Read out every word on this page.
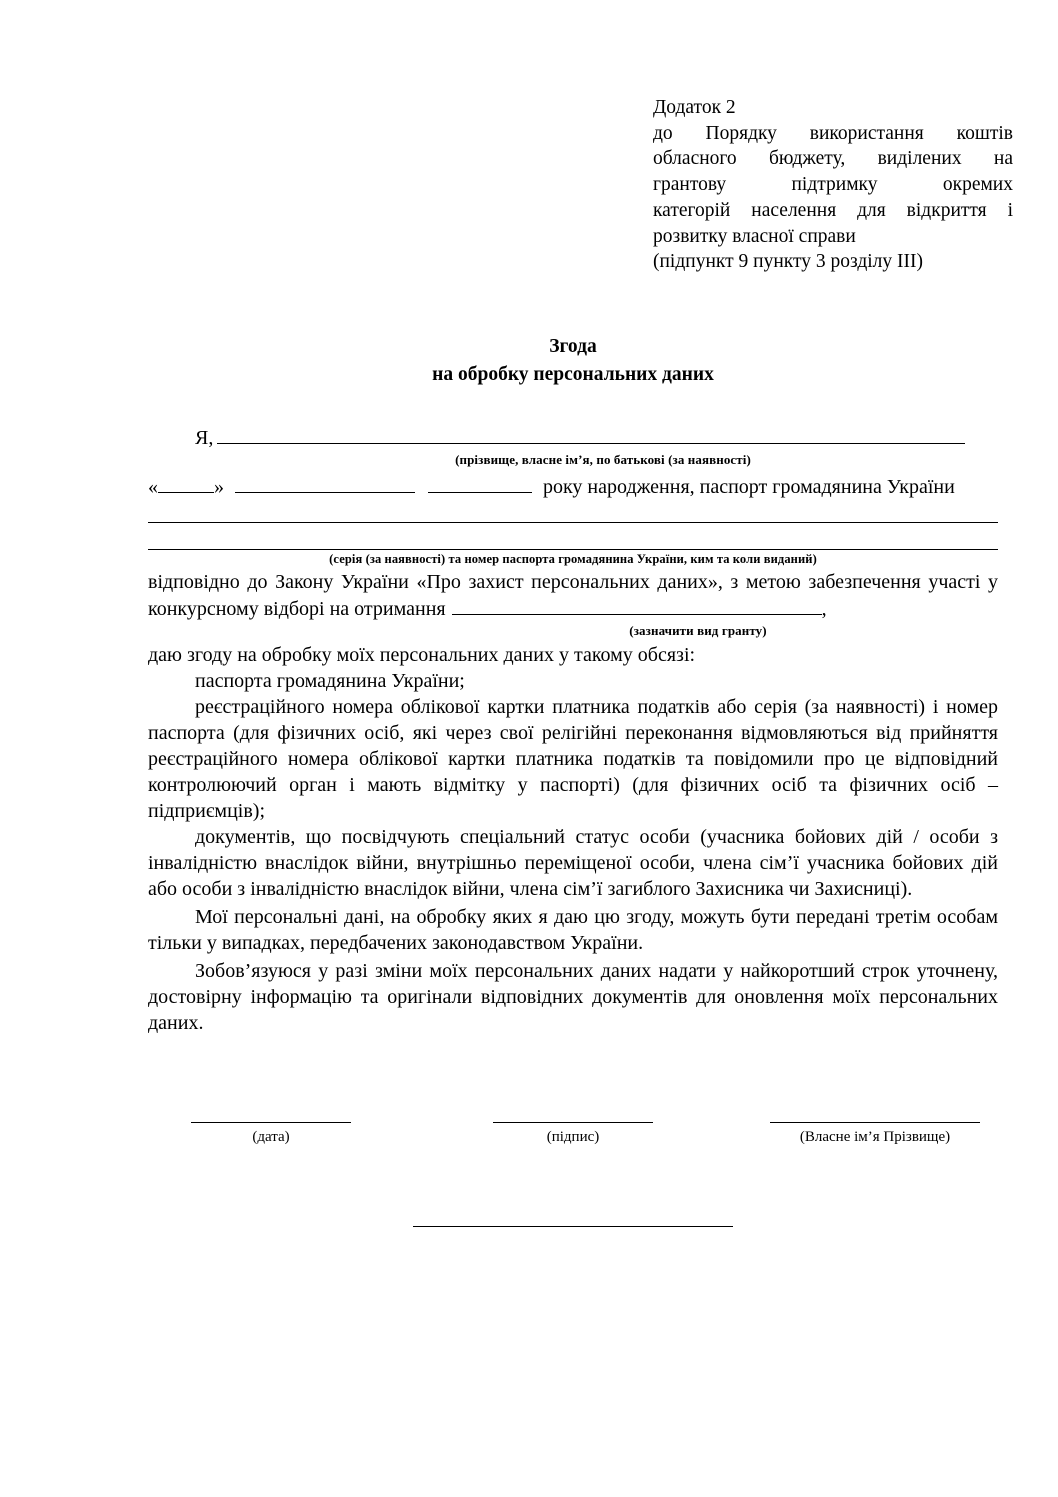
Додаток 2

до Порядку використання коштів

обласного бюджету, виділених на

грантову підтримку окремих

категорій населення для відкриття і

розвитку власної справи

(підпункт 9 пункту 3 розділу ІІІ)

Згода
на обробку персональних даних

Я,

(прізвище, власне ім’я, по батькові (за наявності)

«	»	року народження, паспорт громадянина України

(серія (за наявності) та номер паспорта громадянина України, ким та коли виданий)

відповідно до Закону України «Про захист персональних даних», з метою забезпечення участі у конкурсному відборі на отримання	,

(зазначити вид гранту)

даю згоду на обробку моїх персональних даних у такому обсязі:

паспорта громадянина України;

реєстраційного номера облікової картки платника податків або серія (за наявності) і номер паспорта (для фізичних осіб, які через свої релігійні переконання відмовляються від прийняття реєстраційного номера облікової картки платника податків та повідомили про це відповідний контролюючий орган і мають відмітку у паспорті) (для фізичних осіб та фізичних осіб – підприємців);

документів, що посвідчують спеціальний статус особи (учасника бойових дій / особи з інвалідністю внаслідок війни, внутрішньо переміщеної особи, члена сім’ї учасника бойових дій або особи з інвалідністю внаслідок війни, члена сім’ї загиблого Захисника чи Захисниці).

Мої персональні дані, на обробку яких я даю цю згоду, можуть бути передані третім особам тільки у випадках, передбачених законодавством України.

Зобов’язуюся у разі зміни моїх персональних даних надати у найкоротший строк уточнену, достовірну інформацію та оригінали відповідних документів для оновлення моїх персональних даних.

(дата)	(підпис)	(Власне ім’я Прізвище)
